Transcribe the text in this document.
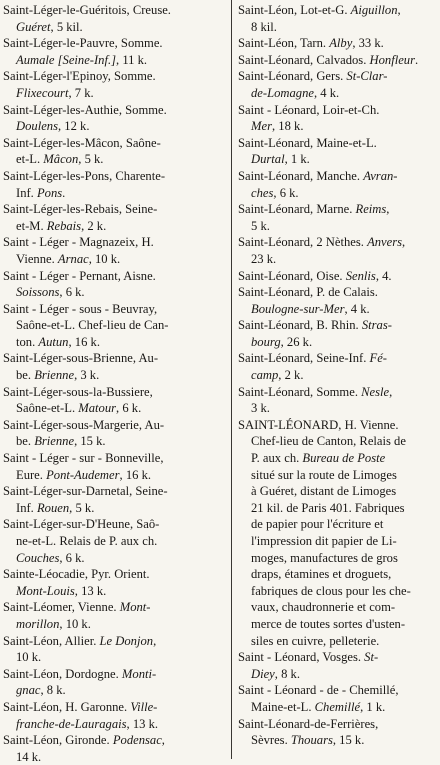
Saint-Léger-le-Guéritois, Creuse.
Guéret, 5 kil.

Saint-Léger-le-Pauvre, Somme.
Aumale [Seine-Inf.], 11 k.

Saint-Léger-l'Epinoy, Somme.
Flixecourt, 7 k.

Saint-Léger-les-Authie, Somme.
Doulens, 12 k.

Saint-Léger-les-Mâcon, Saône-
et-L. Mâcon, 5 k.

Saint-Léger-les-Pons, Charente-
Inf. Pons.

Saint-Léger-les-Rebais, Seine-
et-M. Rebais, 2 k.

Saint - Léger - Magnazeix, H.
Vienne. Arnac, 10 k.

Saint - Léger - Pernant, Aisne.
Soissons, 6 k.

Saint - Léger - sous - Beuvray,
Saône-et-L. Chef-lieu de Can-
ton. Autun, 16 k.

Saint-Léger-sous-Brienne, Au-
be. Brienne, 3 k.

Saint-Léger-sous-la-Bussiere,
Saône-et-L. Matour, 6 k.

Saint-Léger-sous-Margerie, Au-
be. Brienne, 15 k.

Saint - Léger - sur - Bonneville,
Eure. Pont-Audemer, 16 k.

Saint-Léger-sur-Darnetal, Seine-
Inf. Rouen, 5 k.

Saint-Léger-sur-D'Heune, Saô-
ne-et-L. Relais de P. aux ch.
Couches, 6 k.

Sainte-Léocadie, Pyr. Orient.
Mont-Louis, 13 k.

Saint-Léomer, Vienne. Mont-
morillon, 10 k.

Saint-Léon, Allier. Le Donjon,
10 k.

Saint-Léon, Dordogne. Monti-
gnac, 8 k.

Saint-Léon, H. Garonne. Ville-
franche-de-Lauragais, 13 k.

Saint-Léon, Gironde. Podensac,
14 k.

Saint-Léon, Lot-et-G. Aiguillon,
8 kil.

Saint-Léon, Tarn. Alby, 33 k.

Saint-Léonard, Calvados. Honfleur.

Saint-Léonard, Gers. St-Clar-
de-Lomagne, 4 k.

Saint - Léonard, Loir-et-Ch.
Mer, 18 k.

Saint-Léonard, Maine-et-L.
Durtal, 1 k.

Saint-Léonard, Manche. Avran-
ches, 6 k.

Saint-Léonard, Marne. Reims,
5 k.

Saint-Léonard, 2 Nèthes. Anvers,
23 k.

Saint-Léonard, Oise. Senlis, 4.

Saint-Léonard, P. de Calais.
Boulogne-sur-Mer, 4 k.

Saint-Léonard, B. Rhin. Stras-
bourg, 26 k.

Saint-Léonard, Seine-Inf. Fé-
camp, 2 k.

Saint-Léonard, Somme. Nesle,
3 k.

SAINT-LÉONARD, H. Vienne.
Chef-lieu de Canton, Relais de
P. aux ch. Bureau de Poste
situé sur la route de Limoges
à Guéret, distant de Limoges
21 kil. de Paris 401. Fabriques
de papier pour l'écriture et
l'impression dit papier de Li-
moges, manufactures de gros
draps, étamines et droguets,
fabriques de clous pour les che-
vaux, chaudronnerie et com-
merce de toutes sortes d'usten-
siles en cuivre, pelleterie.

Saint - Léonard, Vosges. St-
Diey, 8 k.

Saint - Léonard - de - Chemillé,
Maine-et-L. Chemillé, 1 k.

Saint-Léonard-de-Ferrières,
Sèvres. Thouars, 15 k.
